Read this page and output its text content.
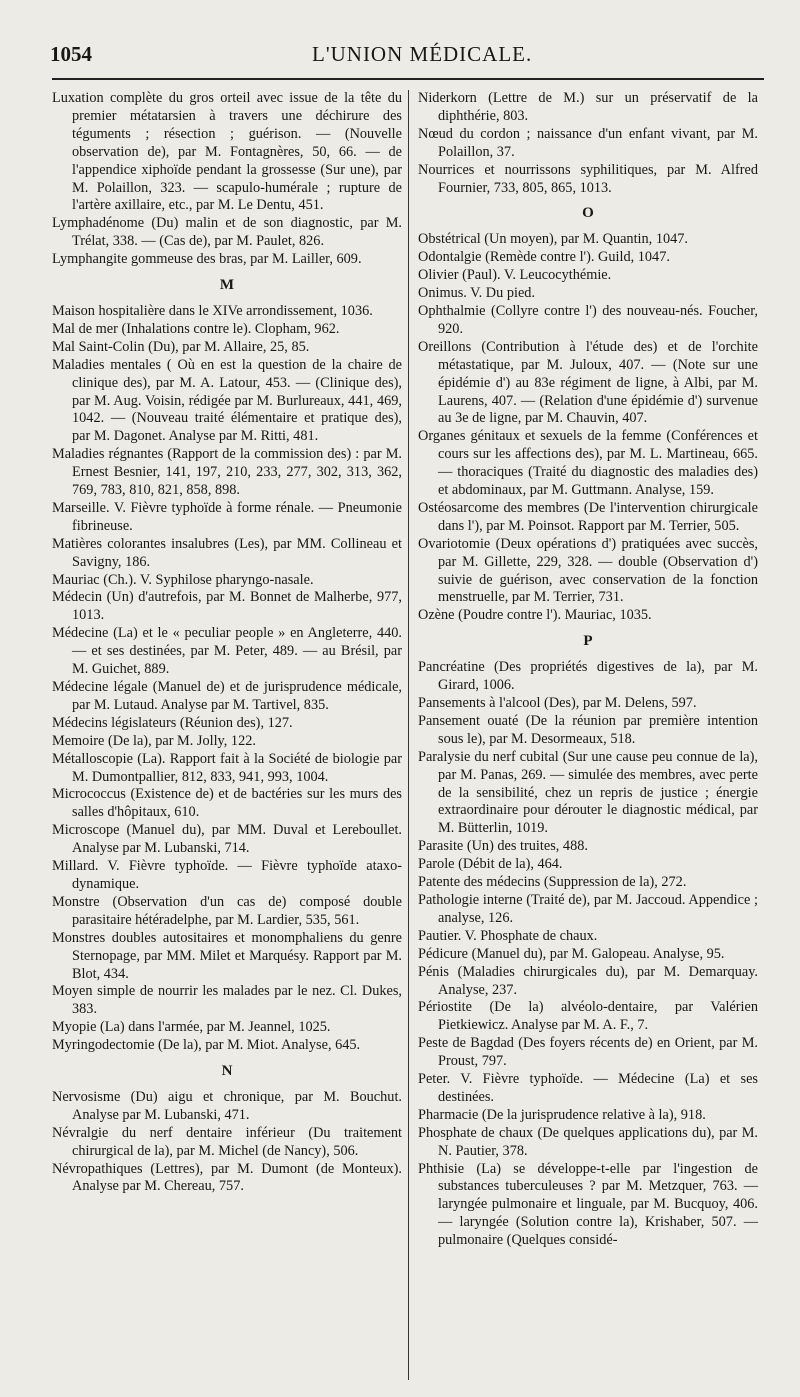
1054	L'UNION MÉDICALE.

Luxation complète du gros orteil avec issue de la tête du premier métatarsien à travers une déchirure des téguments ; résection ; guérison. — (Nouvelle observation de), par M. Fontagnères, 50, 66. — de l'appendice xiphoïde pendant la grossesse (Sur une), par M. Polaillon, 323. — scapulo-humérale ; rupture de l'artère axillaire, etc., par M. Le Dentu, 451.

Lymphadénome (Du) malin et de son diagnostic, par M. Trélat, 338. — (Cas de), par M. Paulet, 826.

Lymphangite gommeuse des bras, par M. Lailler, 609.

M

Maison hospitalière dans le XIVe arrondissement, 1036.

Mal de mer (Inhalations contre le). Clopham, 962.

Mal Saint-Colin (Du), par M. Allaire, 25, 85.

Maladies mentales ( Où en est la question de la chaire de clinique des), par M. A. Latour, 453. — (Clinique des), par M. Aug. Voisin, rédigée par M. Burlureaux, 441, 469, 1042. — (Nouveau traité élémentaire et pratique des), par M. Dagonet. Analyse par M. Ritti, 481.

Maladies régnantes (Rapport de la commission des) : par M. Ernest Besnier, 141, 197, 210, 233, 277, 302, 313, 362, 769, 783, 810, 821, 858, 898.

Marseille. V. Fièvre typhoïde à forme rénale. — Pneumonie fibrineuse.

Matières colorantes insalubres (Les), par MM. Collineau et Savigny, 186.

Mauriac (Ch.). V. Syphilose pharyngo-nasale.

Médecin (Un) d'autrefois, par M. Bonnet de Malherbe, 977, 1013.

Médecine (La) et le « peculiar people » en Angleterre, 440. — et ses destinées, par M. Peter, 489. — au Brésil, par M. Guichet, 889.

Médecine légale (Manuel de) et de jurisprudence médicale, par M. Lutaud. Analyse par M. Tartivel, 835.

Médecins législateurs (Réunion des), 127.

Memoire (De la), par M. Jolly, 122.

Métalloscopie (La). Rapport fait à la Société de biologie par M. Dumontpallier, 812, 833, 941, 993, 1004.

Micrococcus (Existence de) et de bactéries sur les murs des salles d'hôpitaux, 610.

Microscope (Manuel du), par MM. Duval et Lereboullet. Analyse par M. Lubanski, 714.

Millard. V. Fièvre typhoïde. — Fièvre typhoïde ataxo-dynamique.

Monstre (Observation d'un cas de) composé double parasitaire hétéradelphe, par M. Lardier, 535, 561.

Monstres doubles autositaires et monomphaliens du genre Sternopage, par MM. Milet et Marquésy. Rapport par M. Blot, 434.

Moyen simple de nourrir les malades par le nez. Cl. Dukes, 383.

Myopie (La) dans l'armée, par M. Jeannel, 1025.

Myringodectomie (De la), par M. Miot. Analyse, 645.

N

Nervosisme (Du) aigu et chronique, par M. Bouchut. Analyse par M. Lubanski, 471.

Névralgie du nerf dentaire inférieur (Du traitement chirurgical de la), par M. Michel (de Nancy), 506.

Névropathiques (Lettres), par M. Dumont (de Monteux). Analyse par M. Chereau, 757.

Niderkorn (Lettre de M.) sur un préservatif de la diphthérie, 803.

Nœud du cordon ; naissance d'un enfant vivant, par M. Polaillon, 37.

Nourrices et nourrissons syphilitiques, par M. Alfred Fournier, 733, 805, 865, 1013.

O

Obstétrical (Un moyen), par M. Quantin, 1047.

Odontalgie (Remède contre l'). Guild, 1047.

Olivier (Paul). V. Leucocythémie.

Onimus. V. Du pied.

Ophthalmie (Collyre contre l') des nouveau-nés. Foucher, 920.

Oreillons (Contribution à l'étude des) et de l'orchite métastatique, par M. Juloux, 407. — (Note sur une épidémie d') au 83e régiment de ligne, à Albi, par M. Laurens, 407. — (Relation d'une épidémie d') survenue au 3e de ligne, par M. Chauvin, 407.

Organes génitaux et sexuels de la femme (Conférences et cours sur les affections des), par M. L. Martineau, 665. — thoraciques (Traité du diagnostic des maladies des) et abdominaux, par M. Guttmann. Analyse, 159.

Ostéosarcome des membres (De l'intervention chirurgicale dans l'), par M. Poinsot. Rapport par M. Terrier, 505.

Ovariotomie (Deux opérations d') pratiquées avec succès, par M. Gillette, 229, 328. — double (Observation d') suivie de guérison, avec conservation de la fonction menstruelle, par M. Terrier, 731.

Ozène (Poudre contre l'). Mauriac, 1035.

P

Pancréatine (Des propriétés digestives de la), par M. Girard, 1006.

Pansements à l'alcool (Des), par M. Delens, 597.

Pansement ouaté (De la réunion par première intention sous le), par M. Desormeaux, 518.

Paralysie du nerf cubital (Sur une cause peu connue de la), par M. Panas, 269. — simulée des membres, avec perte de la sensibilité, chez un repris de justice ; énergie extraordinaire pour dérouter le diagnostic médical, par M. Bütterlin, 1019.

Parasite (Un) des truites, 488.

Parole (Débit de la), 464.

Patente des médecins (Suppression de la), 272.

Pathologie interne (Traité de), par M. Jaccoud. Appendice ; analyse, 126.

Pautier. V. Phosphate de chaux.

Pédicure (Manuel du), par M. Galopeau. Analyse, 95.

Pénis (Maladies chirurgicales du), par M. Demarquay. Analyse, 237.

Périostite (De la) alvéolo-dentaire, par Valérien Pietkiewicz. Analyse par M. A. F., 7.

Peste de Bagdad (Des foyers récents de) en Orient, par M. Proust, 797.

Peter. V. Fièvre typhoïde. — Médecine (La) et ses destinées.

Pharmacie (De la jurisprudence relative à la), 918.

Phosphate de chaux (De quelques applications du), par M. N. Pautier, 378.

Phthisie (La) se développe-t-elle par l'ingestion de substances tuberculeuses ? par M. Metzquer, 763. — laryngée pulmonaire et linguale, par M. Bucquoy, 406. — laryngée (Solution contre la), Krishaber, 507. — pulmonaire (Quelques considé-
